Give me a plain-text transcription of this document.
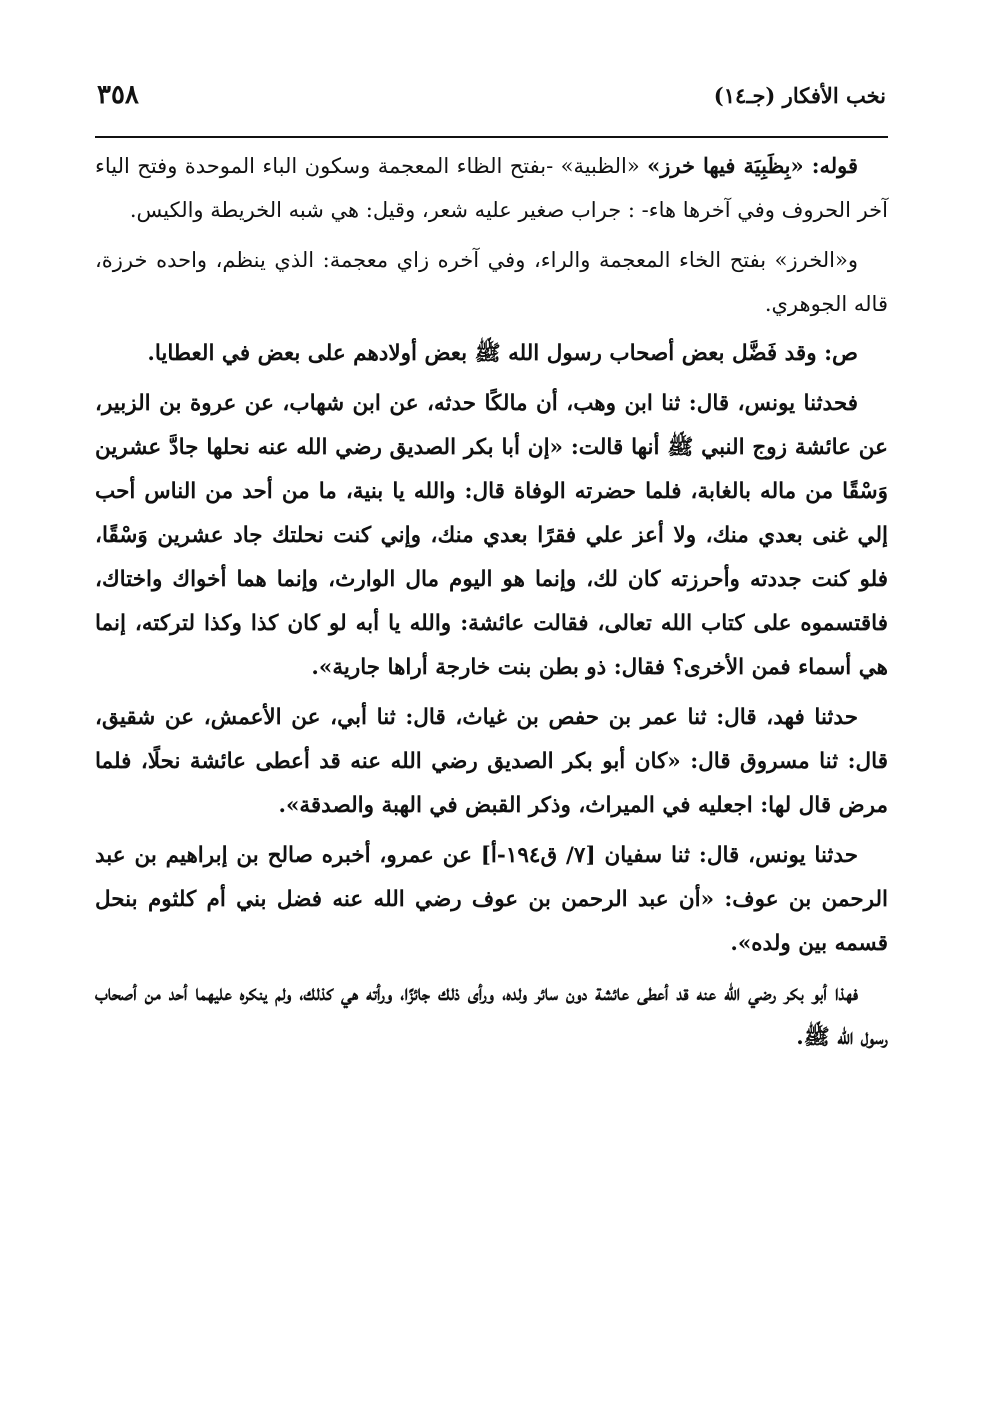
نخب الأفكار (جـ١٤)
٣٥٨

قوله: «بِظَبِيَة فيها خرز» «الظبية» -بفتح الظاء المعجمة وسكون الباء الموحدة وفتح الياء آخر الحروف وفي آخرها هاء- : جراب صغير عليه شعر، وقيل: هي شبه الخريطة والكيس.

و«الخرز» بفتح الخاء المعجمة والراء، وفي آخره زاي معجمة: الذي ينظم، واحده خرزة، قاله الجوهري.

ص: وقد فَضَّل بعض أصحاب رسول الله ﷺ بعض أولادهم على بعض في العطايا.

فحدثنا يونس، قال: ثنا ابن وهب، أن مالكًا حدثه، عن ابن شهاب، عن عروة بن الزبير، عن عائشة زوج النبي ﷺ أنها قالت: «إن أبا بكر الصديق رضي الله عنه نحلها جادَّ عشرين وَسْقًا من ماله بالغابة، فلما حضرته الوفاة قال: والله يا بنية، ما من أحد من الناس أحب إلي غنى بعدي منك، ولا أعز علي فقرًا بعدي منك، وإني كنت نحلتك جاد عشرين وَسْقًا، فلو كنت جددته وأحرزته كان لك، وإنما هو اليوم مال الوارث، وإنما هما أخواك واختاك، فاقتسموه على كتاب الله تعالى، فقالت عائشة: والله يا أبه لو كان كذا وكذا لتركته، إنما هي أسماء فمن الأخرى؟ فقال: ذو بطن بنت خارجة أراها جارية».

حدثنا فهد، قال: ثنا عمر بن حفص بن غياث، قال: ثنا أبي، عن الأعمش، عن شقيق، قال: ثنا مسروق قال: «كان أبو بكر الصديق رضي الله عنه قد أعطى عائشة نحلًا، فلما مرض قال لها: اجعليه في الميراث، وذكر القبض في الهبة والصدقة».

حدثنا يونس، قال: ثنا سفيان [٧/ ق١٩٤-أ] عن عمرو، أخبره صالح بن إبراهيم بن عبد الرحمن بن عوف: «أن عبد الرحمن بن عوف رضي الله عنه فضل بني أم كلثوم بنحل قسمه بين ولده».

فهذا أبو بكر رضي الله عنه قد أعطى عائشة دون سائر ولده، ورأى ذلك جائزًا، ورأته هي كذلك، ولم ينكره عليهما أحد من أصحاب رسول الله ﷺ.
